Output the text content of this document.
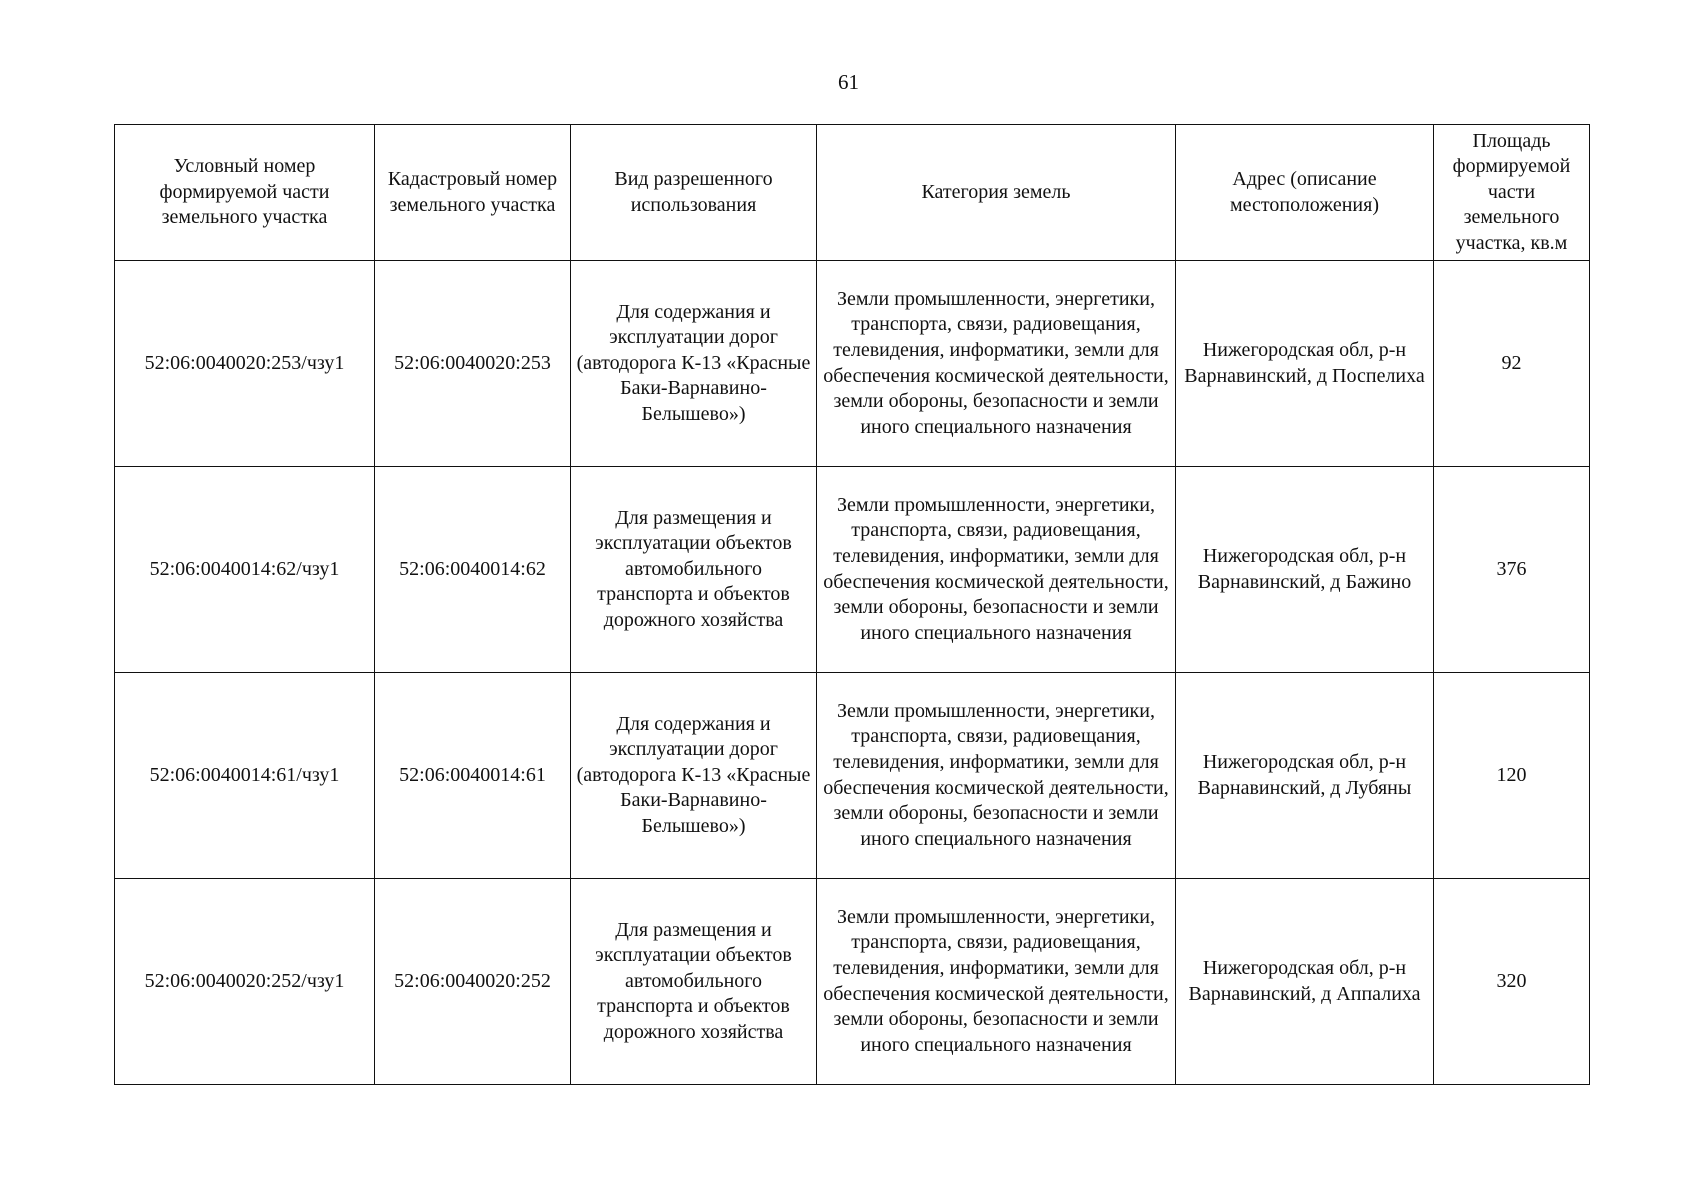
61
Условный номер формируемой части земельного участка	Кадастровый номер земельного участка	Вид разрешенного использования	Категория земель	Адрес (описание местоположения)	Площадь формируемой части земельного участка, кв.м
52:06:0040020:253/чзу1	52:06:0040020:253	Для содержания и эксплуатации дорог (автодорога К-13 «Красные Баки-Варнавино-Белышево»)	Земли промышленности, энергетики, транспорта, связи, радиовещания, телевидения, информатики, земли для обеспечения космической деятельности, земли обороны, безопасности и земли иного специального назначения	Нижегородская обл, р-н Варнавинский, д Поспелиха	92
52:06:0040014:62/чзу1	52:06:0040014:62	Для размещения и эксплуатации объектов автомобильного транспорта и объектов дорожного хозяйства	Земли промышленности, энергетики, транспорта, связи, радиовещания, телевидения, информатики, земли для обеспечения космической деятельности, земли обороны, безопасности и земли иного специального назначения	Нижегородская обл, р-н Варнавинский, д Бажино	376
52:06:0040014:61/чзу1	52:06:0040014:61	Для содержания и эксплуатации дорог (автодорога К-13 «Красные Баки-Варнавино-Белышево»)	Земли промышленности, энергетики, транспорта, связи, радиовещания, телевидения, информатики, земли для обеспечения космической деятельности, земли обороны, безопасности и земли иного специального назначения	Нижегородская обл, р-н Варнавинский, д Лубяны	120
52:06:0040020:252/чзу1	52:06:0040020:252	Для размещения и эксплуатации объектов автомобильного транспорта и объектов дорожного хозяйства	Земли промышленности, энергетики, транспорта, связи, радиовещания, телевидения, информатики, земли для обеспечения космической деятельности, земли обороны, безопасности и земли иного специального назначения	Нижегородская обл, р-н Варнавинский, д Аппалиха	320
